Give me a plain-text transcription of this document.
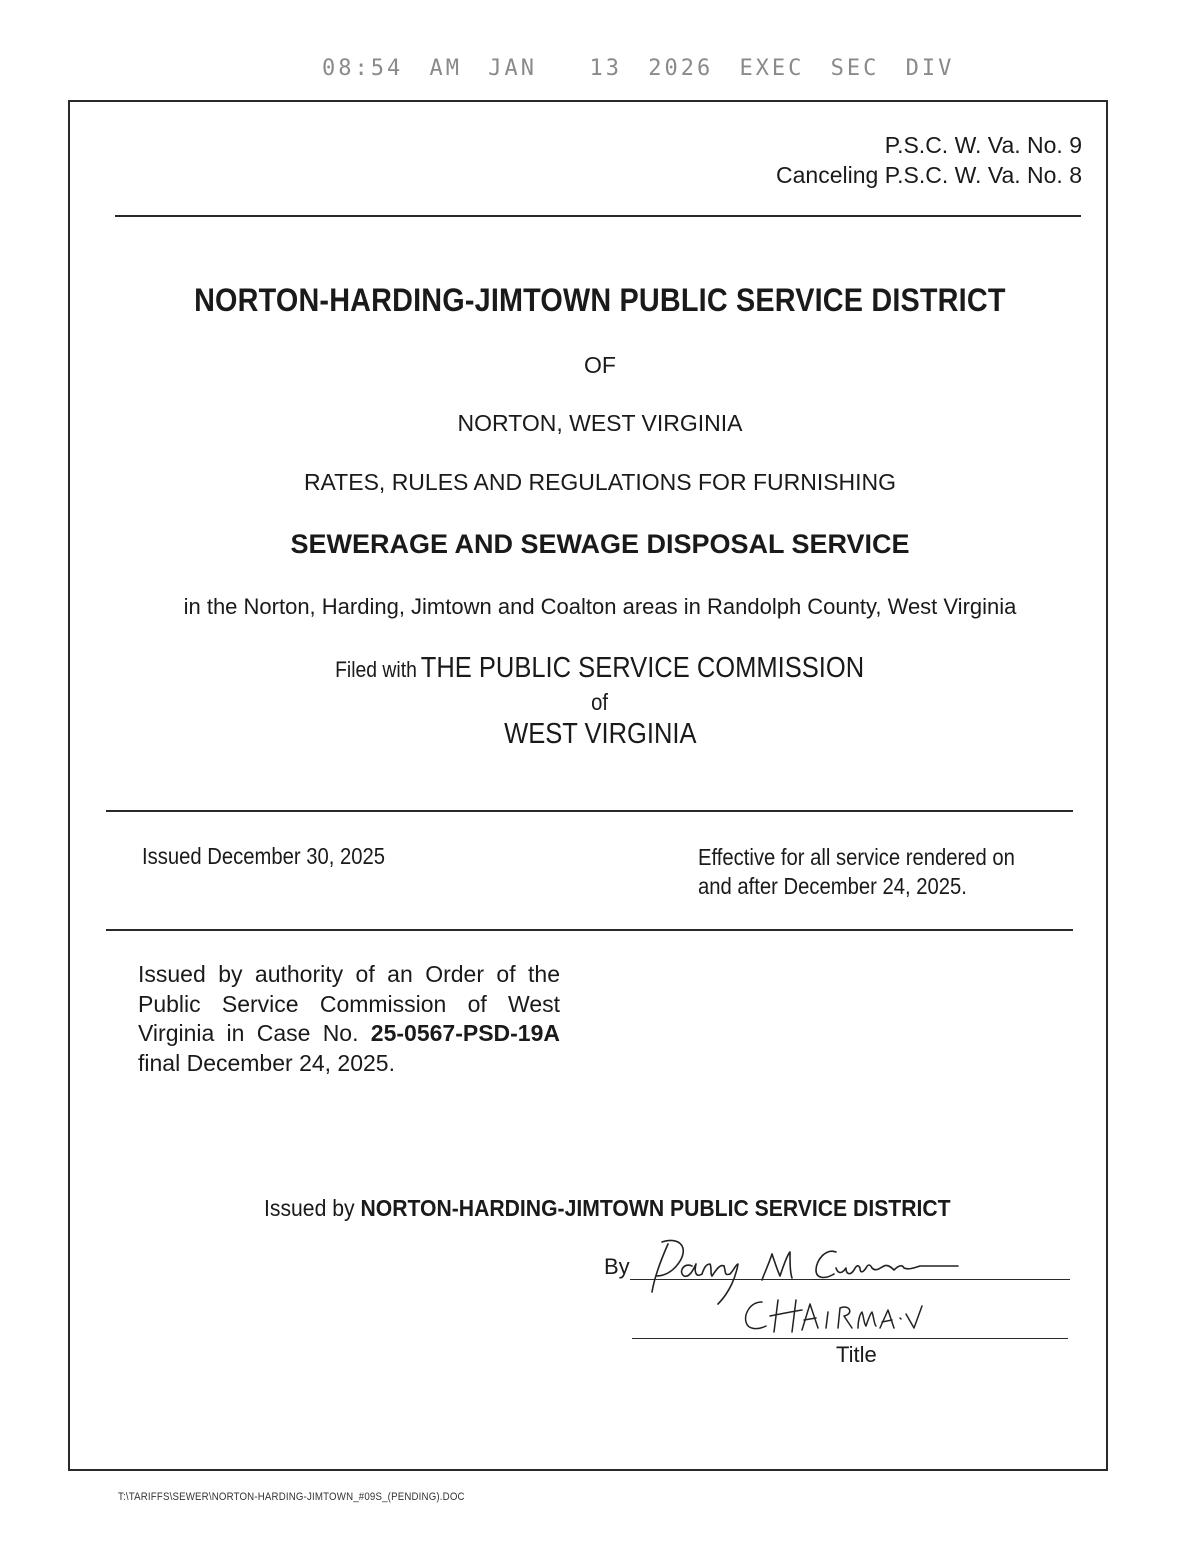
08:54 AM JAN 13 2026 EXEC SEC DIV
P.S.C. W. Va. No. 9
Canceling P.S.C. W. Va. No. 8
NORTON-HARDING-JIMTOWN PUBLIC SERVICE DISTRICT
OF
NORTON, WEST VIRGINIA
RATES, RULES AND REGULATIONS FOR FURNISHING
SEWERAGE AND SEWAGE DISPOSAL SERVICE
in the Norton, Harding, Jimtown and Coalton areas in Randolph County, West Virginia
Filed with THE PUBLIC SERVICE COMMISSION
of
WEST VIRGINIA
Issued December 30, 2025	Effective for all service rendered on
and after December 24, 2025.
Issued by authority of an Order of the Public Service Commission of West Virginia in Case No. 25-0567-PSD-19A final December 24, 2025.
Issued by NORTON-HARDING-JIMTOWN PUBLIC SERVICE DISTRICT
By
Title
T:\TARIFFS\SEWER\NORTON-HARDING-JIMTOWN_#09S_(PENDING).DOC
